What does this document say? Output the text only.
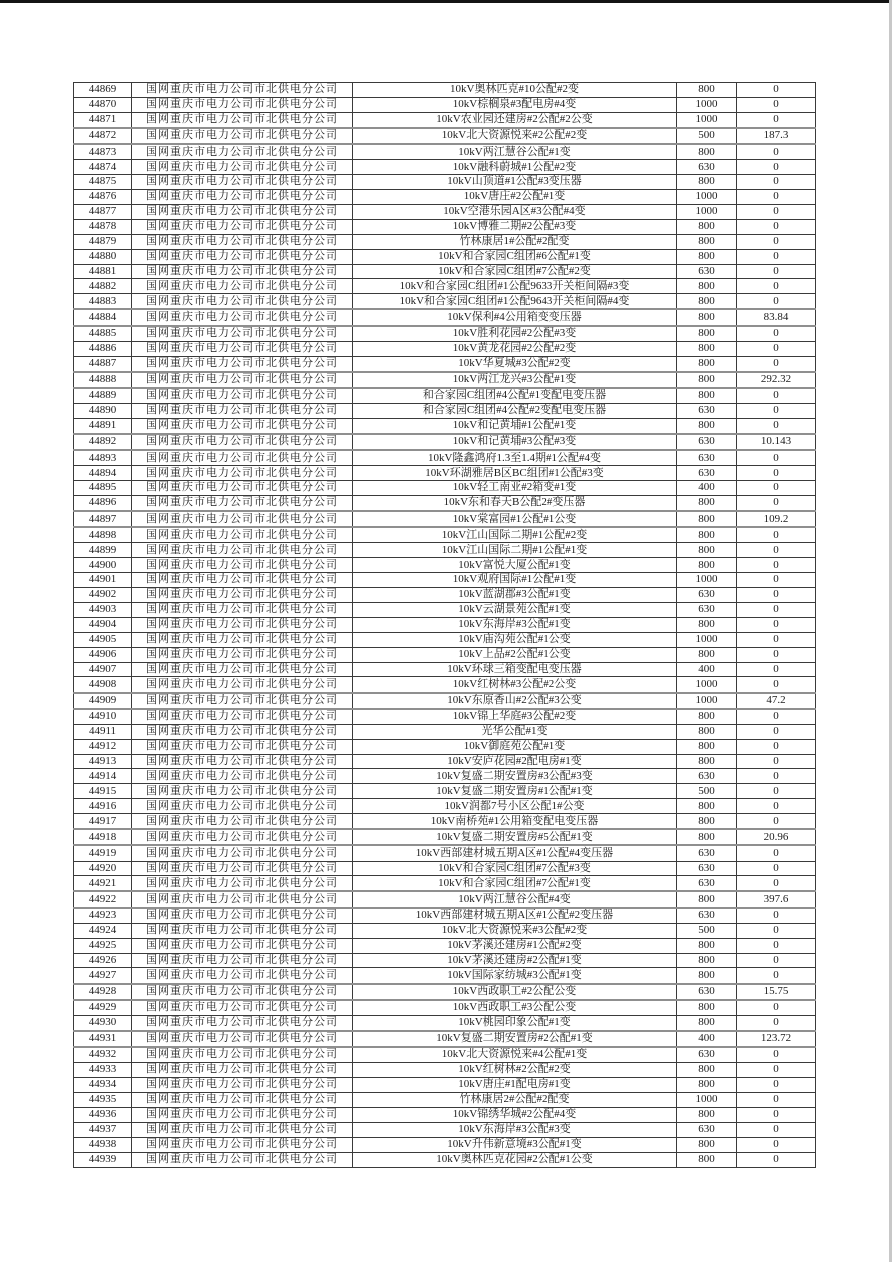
44869	国网重庆市电力公司市北供电分公司	10kV奥林匹克#10公配#2变	800	0
44870	国网重庆市电力公司市北供电分公司	10kV棕榈泉#3配电房#4变	1000	0
44871	国网重庆市电力公司市北供电分公司	10kV农业园还建房#2公配#2公变	1000	0
44872	国网重庆市电力公司市北供电分公司	10kV北大资源悦来#2公配#2变	500	187.3
44873	国网重庆市电力公司市北供电分公司	10kV两江慧谷公配#1变	800	0
44874	国网重庆市电力公司市北供电分公司	10kV融科蔚城#1公配#2变	630	0
44875	国网重庆市电力公司市北供电分公司	10kV山顶道#1公配#3变压器	800	0
44876	国网重庆市电力公司市北供电分公司	10kV唐庄#2公配#1变	1000	0
44877	国网重庆市电力公司市北供电分公司	10kV空港乐园A区#3公配#4变	1000	0
44878	国网重庆市电力公司市北供电分公司	10kV博雅二期#2公配#3变	800	0
44879	国网重庆市电力公司市北供电分公司	竹林康居1#公配#2配变	800	0
44880	国网重庆市电力公司市北供电分公司	10kV和合家园C组团#6公配#1变	800	0
44881	国网重庆市电力公司市北供电分公司	10kV和合家园C组团#7公配#2变	630	0
44882	国网重庆市电力公司市北供电分公司	10kV和合家园C组团#1公配9633开关柜间隔#3变	800	0
44883	国网重庆市电力公司市北供电分公司	10kV和合家园C组团#1公配9643开关柜间隔#4变	800	0
44884	国网重庆市电力公司市北供电分公司	10kV保利#4公用箱变变压器	800	83.84
44885	国网重庆市电力公司市北供电分公司	10kV胜利花园#2公配#3变	800	0
44886	国网重庆市电力公司市北供电分公司	10kV黄龙花园#2公配#2变	800	0
44887	国网重庆市电力公司市北供电分公司	10kV华夏城#3公配#2变	800	0
44888	国网重庆市电力公司市北供电分公司	10kV两江龙兴#3公配#1变	800	292.32
44889	国网重庆市电力公司市北供电分公司	和合家园C组团#4公配#1变配电变压器	800	0
44890	国网重庆市电力公司市北供电分公司	和合家园C组团#4公配#2变配电变压器	630	0
44891	国网重庆市电力公司市北供电分公司	10kV和记黄埔#1公配#1变	800	0
44892	国网重庆市电力公司市北供电分公司	10kV和记黄埔#3公配#3变	630	10.143
44893	国网重庆市电力公司市北供电分公司	10kV隆鑫鸿府1.3至1.4期#1公配#4变	630	0
44894	国网重庆市电力公司市北供电分公司	10kV环湖雅居B区BC组团#1公配#3变	630	0
44895	国网重庆市电力公司市北供电分公司	10kV轻工南亚#2箱变#1变	400	0
44896	国网重庆市电力公司市北供电分公司	10kV东和春天B公配2#变压器	800	0
44897	国网重庆市电力公司市北供电分公司	10kV棠富园#1公配#1公变	800	109.2
44898	国网重庆市电力公司市北供电分公司	10kV江山国际二期#1公配#2变	800	0
44899	国网重庆市电力公司市北供电分公司	10kV江山国际二期#1公配#1变	800	0
44900	国网重庆市电力公司市北供电分公司	10kV富悦大厦公配#1变	800	0
44901	国网重庆市电力公司市北供电分公司	10kV观府国际#1公配#1变	1000	0
44902	国网重庆市电力公司市北供电分公司	10kV蓝湖郡#3公配#1变	630	0
44903	国网重庆市电力公司市北供电分公司	10kV云湖景苑公配#1变	630	0
44904	国网重庆市电力公司市北供电分公司	10kV东海岸#3公配#1变	800	0
44905	国网重庆市电力公司市北供电分公司	10kV庙沟苑公配#1公变	1000	0
44906	国网重庆市电力公司市北供电分公司	10kV上品#2公配#1公变	800	0
44907	国网重庆市电力公司市北供电分公司	10kV环球三箱变配电变压器	400	0
44908	国网重庆市电力公司市北供电分公司	10kV红树林#3公配#2公变	1000	0
44909	国网重庆市电力公司市北供电分公司	10kV东原香山#2公配#3公变	1000	47.2
44910	国网重庆市电力公司市北供电分公司	10kV锦上华庭#3公配#2变	800	0
44911	国网重庆市电力公司市北供电分公司	光华公配#1变	800	0
44912	国网重庆市电力公司市北供电分公司	10kV御庭苑公配#1变	800	0
44913	国网重庆市电力公司市北供电分公司	10kV安庐花园#2配电房#1变	800	0
44914	国网重庆市电力公司市北供电分公司	10kV复盛二期安置房#3公配#3变	630	0
44915	国网重庆市电力公司市北供电分公司	10kV复盛二期安置房#1公配#1变	500	0
44916	国网重庆市电力公司市北供电分公司	10kV润都7号小区公配1#公变	800	0
44917	国网重庆市电力公司市北供电分公司	10kV南桥苑#1公用箱变配电变压器	800	0
44918	国网重庆市电力公司市北供电分公司	10kV复盛二期安置房#5公配#1变	800	20.96
44919	国网重庆市电力公司市北供电分公司	10kV西部建材城五期A区#1公配#4变压器	630	0
44920	国网重庆市电力公司市北供电分公司	10kV和合家园C组团#7公配#3变	630	0
44921	国网重庆市电力公司市北供电分公司	10kV和合家园C组团#7公配#1变	630	0
44922	国网重庆市电力公司市北供电分公司	10kV两江慧谷公配#4变	800	397.6
44923	国网重庆市电力公司市北供电分公司	10kV西部建材城五期A区#1公配#2变压器	630	0
44924	国网重庆市电力公司市北供电分公司	10kV北大资源悦来#3公配#2变	500	0
44925	国网重庆市电力公司市北供电分公司	10kV茅溪还建房#1公配#2变	800	0
44926	国网重庆市电力公司市北供电分公司	10kV茅溪还建房#2公配#1变	800	0
44927	国网重庆市电力公司市北供电分公司	10kV国际家纺城#3公配#1变	800	0
44928	国网重庆市电力公司市北供电分公司	10kV西政职工#2公配公变	630	15.75
44929	国网重庆市电力公司市北供电分公司	10kV西政职工#3公配公变	800	0
44930	国网重庆市电力公司市北供电分公司	10kV桃园印象公配#1变	800	0
44931	国网重庆市电力公司市北供电分公司	10kV复盛二期安置房#2公配#1变	400	123.72
44932	国网重庆市电力公司市北供电分公司	10kV北大资源悦来#4公配#1变	630	0
44933	国网重庆市电力公司市北供电分公司	10kV红树林#2公配#2变	800	0
44934	国网重庆市电力公司市北供电分公司	10kV唐庄#1配电房#1变	800	0
44935	国网重庆市电力公司市北供电分公司	竹林康居2#公配#2配变	1000	0
44936	国网重庆市电力公司市北供电分公司	10kV锦绣华城#2公配#4变	800	0
44937	国网重庆市电力公司市北供电分公司	10kV东海岸#3公配#3变	630	0
44938	国网重庆市电力公司市北供电分公司	10kV升伟新意境#3公配#1变	800	0
44939	国网重庆市电力公司市北供电分公司	10kV奥林匹克花园#2公配#1公变	800	0
